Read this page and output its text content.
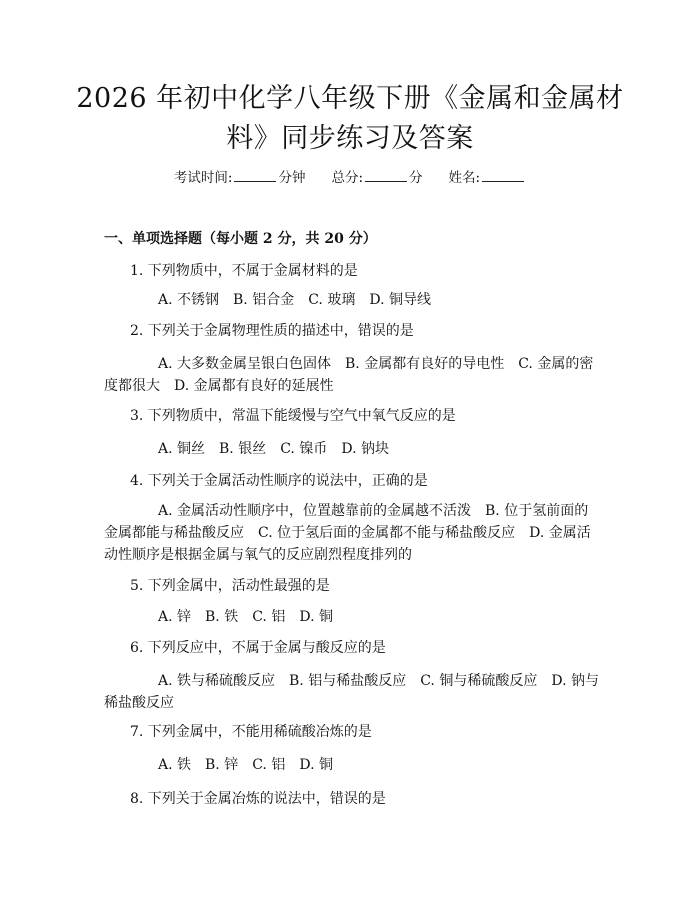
2026 年初中化学八年级下册《金属和金属材
料》同步练习及答案
考试时间:	分钟 总分:	分 姓名:
一、单项选择题（每小题 2 分，共 20 分）
1. 下列物质中，不属于金属材料的是
A. 不锈钢 B. 铝合金 C. 玻璃 D. 铜导线
2. 下列关于金属物理性质的描述中，错误的是
A. 大多数金属呈银白色固体 B. 金属都有良好的导电性 C. 金属的密度都很大 D. 金属都有良好的延展性
3. 下列物质中，常温下能缓慢与空气中氧气反应的是
A. 铜丝 B. 银丝 C. 镍币 D. 钠块
4. 下列关于金属活动性顺序的说法中，正确的是
A. 金属活动性顺序中，位置越靠前的金属越不活泼 B. 位于氢前面的金属都能与稀盐酸反应 C. 位于氢后面的金属都不能与稀盐酸反应 D. 金属活动性顺序是根据金属与氧气的反应剧烈程度排列的
5. 下列金属中，活动性最强的是
A. 锌 B. 铁 C. 铝 D. 铜
6. 下列反应中，不属于金属与酸反应的是
A. 铁与稀硫酸反应 B. 铝与稀盐酸反应 C. 铜与稀硫酸反应 D. 钠与稀盐酸反应
7. 下列金属中，不能用稀硫酸冶炼的是
A. 铁 B. 锌 C. 铝 D. 铜
8. 下列关于金属冶炼的说法中，错误的是
